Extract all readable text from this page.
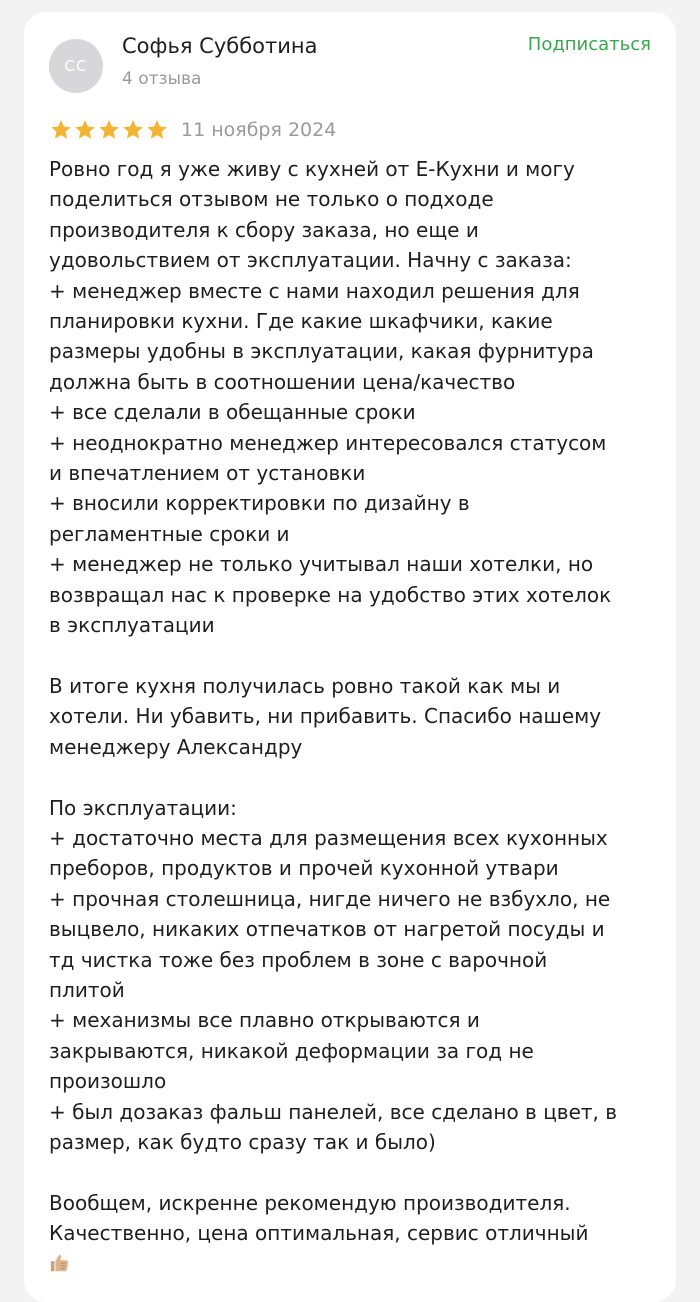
СС
Софья Субботина
4 отзыва
Подписаться
11 ноября 2024

Ровно год я уже живу с кухней от Е-Кухни и могу
поделиться отзывом не только о подходе
производителя к сбору заказа, но еще и
удовольствием от эксплуатации. Начну с заказа:
+ менеджер вместе с нами находил решения для
планировки кухни. Где какие шкафчики, какие
размеры удобны в эксплуатации, какая фурнитура
должна быть в соотношении цена/качество
+ все сделали в обещанные сроки
+ неоднократно менеджер интересовался статусом
и впечатлением от установки
+ вносили корректировки по дизайну в
регламентные сроки и
+ менеджер не только учитывал наши хотелки, но
возвращал нас к проверке на удобство этих хотелок
в эксплуатации

В итоге кухня получилась ровно такой как мы и
хотели. Ни убавить, ни прибавить. Спасибо нашему
менеджеру Александру

По эксплуатации:
+ достаточно места для размещения всех кухонных
преборов, продуктов и прочей кухонной утвари
+ прочная столешница, нигде ничего не взбухло, не
выцвело, никаких отпечатков от нагретой посуды и
тд чистка тоже без проблем в зоне с варочной
плитой
+ механизмы все плавно открываются и
закрываются, никакой деформации за год не
произошло
+ был дозаказ фальш панелей, все сделано в цвет, в
размер, как будто сразу так и было)

Вообщем, искренне рекомендую производителя.
Качественно, цена оптимальная, сервис отличный
